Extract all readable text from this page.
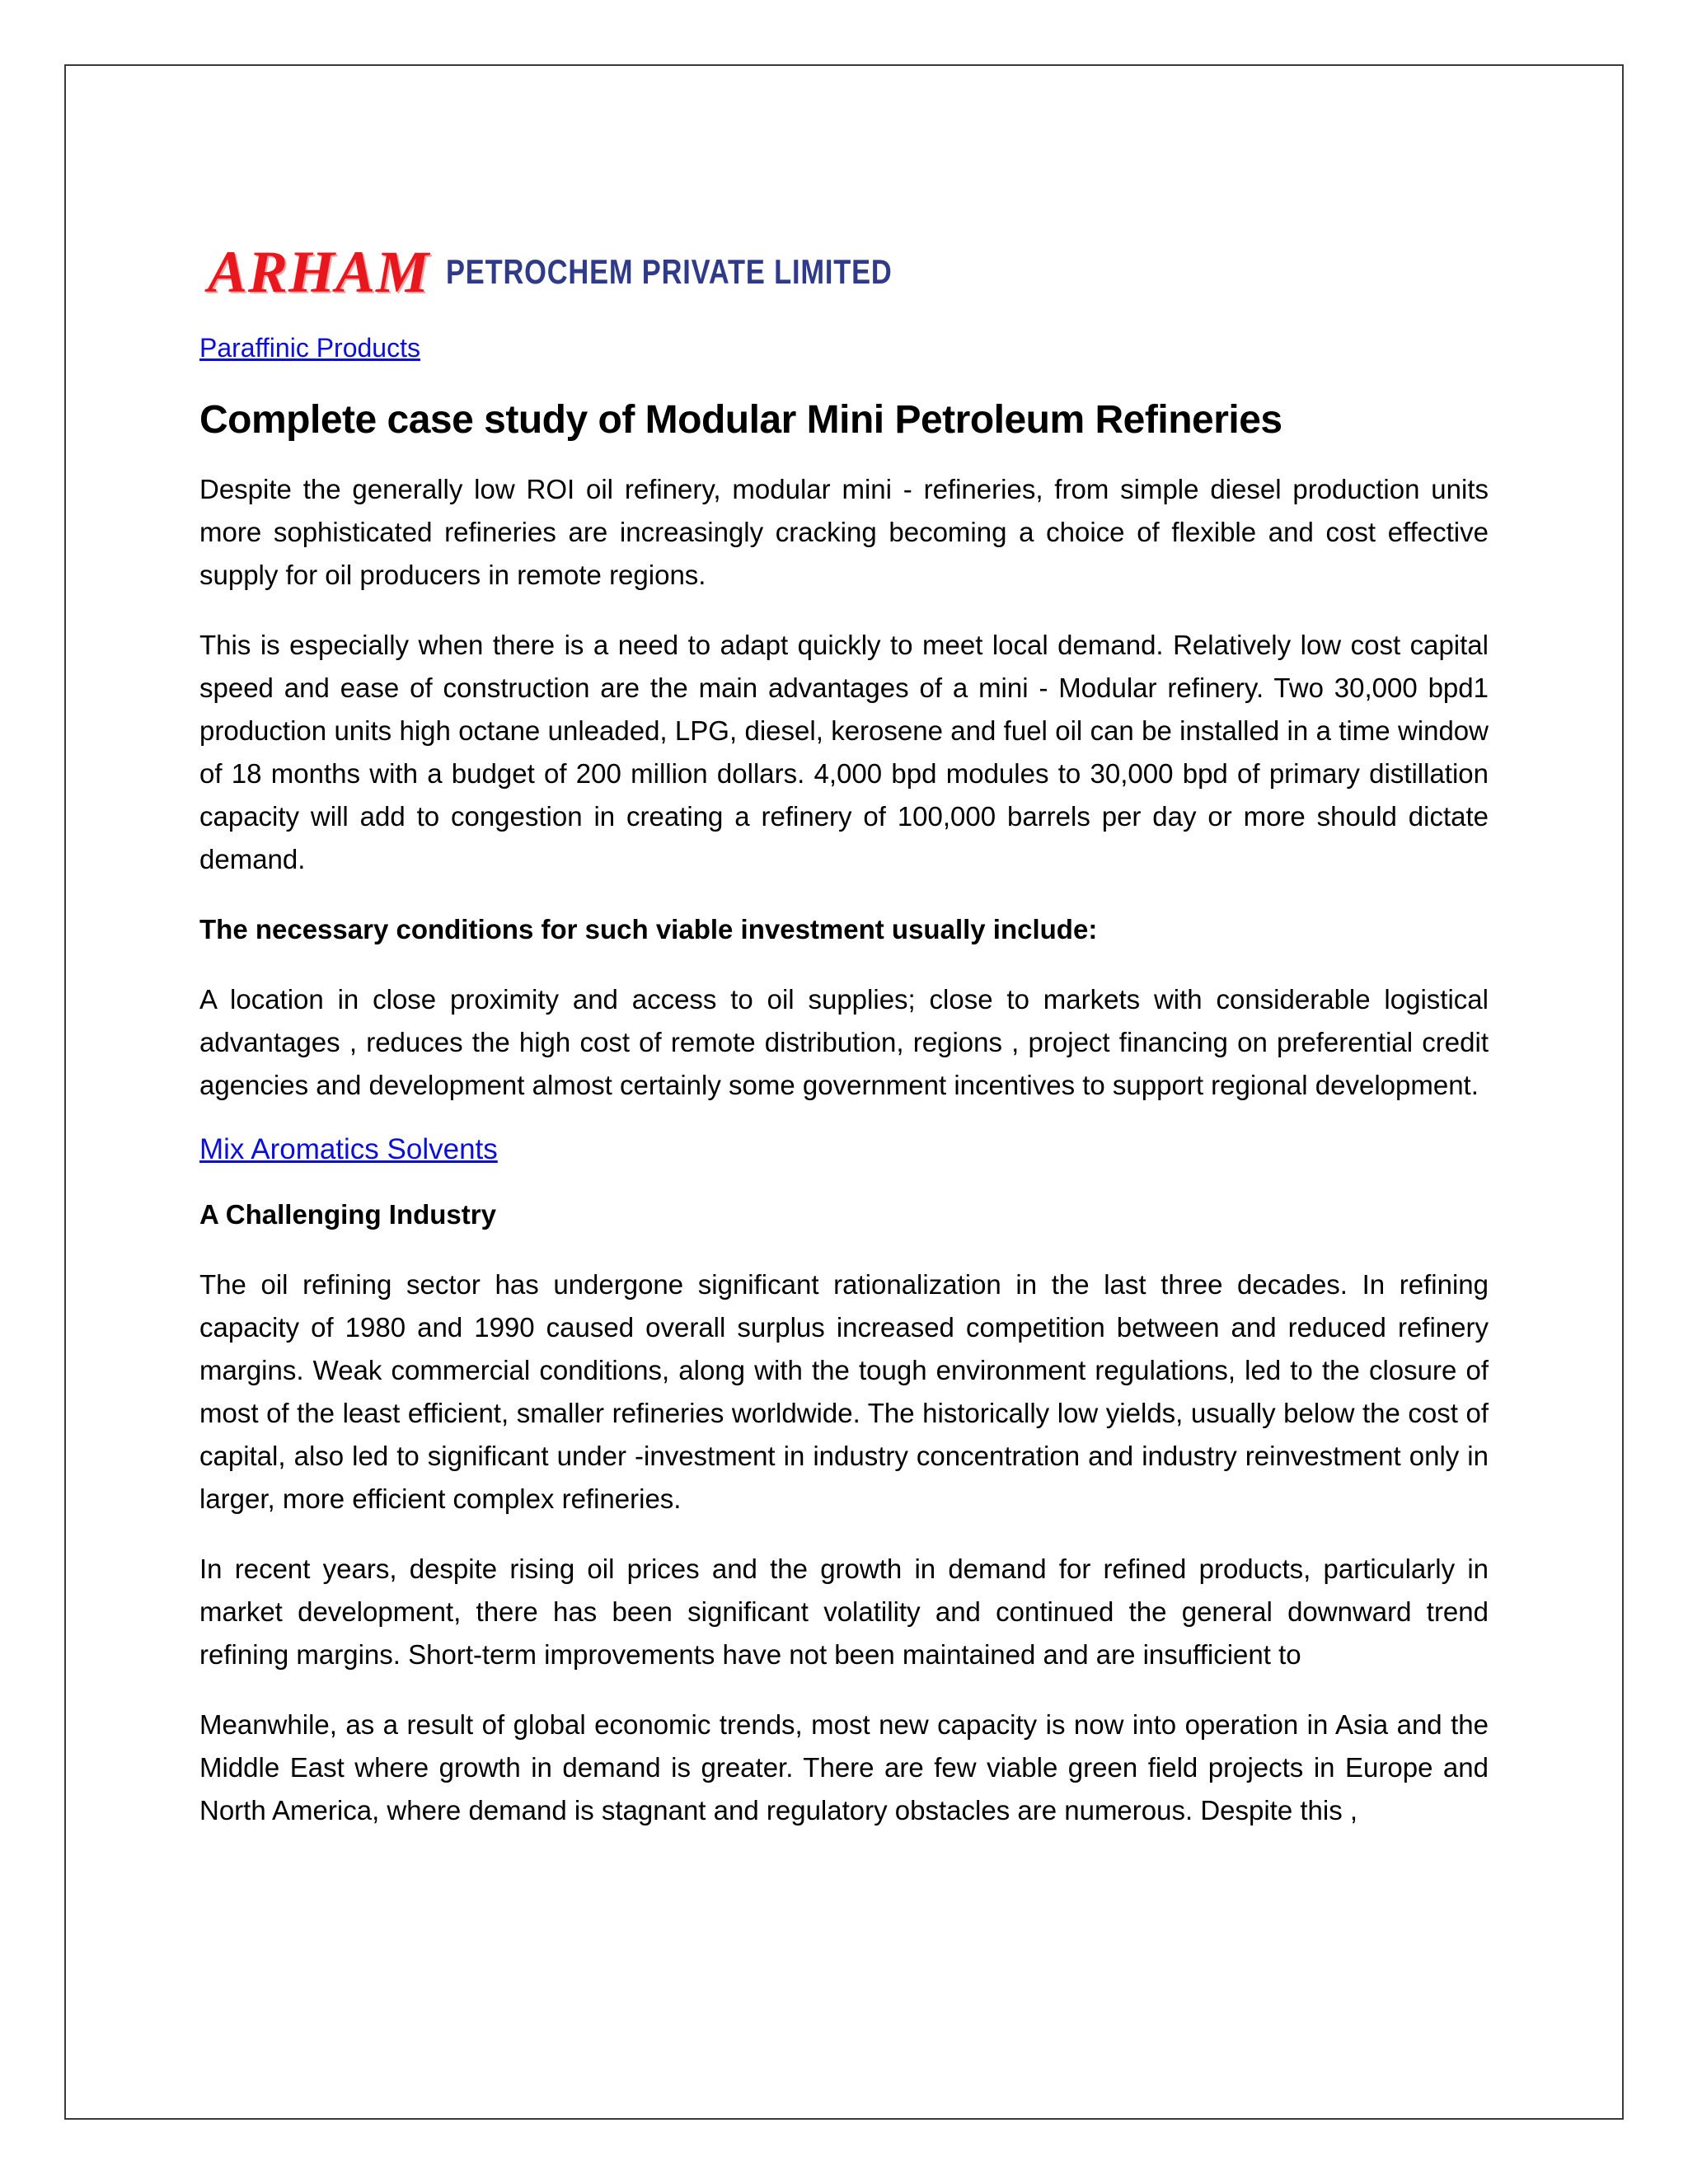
ARHAM PETROCHEM PRIVATE LIMITED
Paraffinic Products
Complete case study of Modular Mini Petroleum Refineries

Despite the generally low ROI oil refinery, modular mini - refineries, from simple diesel production units more sophisticated refineries are increasingly cracking becoming a choice of flexible and cost effective supply for oil producers in remote regions.

This is especially when there is a need to adapt quickly to meet local demand. Relatively low cost capital speed and ease of construction are the main advantages of a mini - Modular refinery. Two 30,000 bpd1 production units high octane unleaded, LPG, diesel, kerosene and fuel oil can be installed in a time window of 18 months with a budget of 200 million dollars. 4,000 bpd modules to 30,000 bpd of primary distillation capacity will add to congestion in creating a refinery of 100,000 barrels per day or more should dictate demand.

The necessary conditions for such viable investment usually include:

A location in close proximity and access to oil supplies; close to markets with considerable logistical advantages , reduces the high cost of remote distribution, regions , project financing on preferential credit agencies and development almost certainly some government incentives to support regional development.

Mix Aromatics Solvents

A Challenging Industry

The oil refining sector has undergone significant rationalization in the last three decades. In refining capacity of 1980 and 1990 caused overall surplus increased competition between and reduced refinery margins. Weak commercial conditions, along with the tough environment regulations, led to the closure of most of the least efficient, smaller refineries worldwide. The historically low yields, usually below the cost of capital, also led to significant under -investment in industry concentration and industry reinvestment only in larger, more efficient complex refineries.

In recent years, despite rising oil prices and the growth in demand for refined products, particularly in market development, there has been significant volatility and continued the general downward trend refining margins. Short-term improvements have not been maintained and are insufficient to

Meanwhile, as a result of global economic trends, most new capacity is now into operation in Asia and the Middle East where growth in demand is greater. There are few viable green field projects in Europe and North America, where demand is stagnant and regulatory obstacles are numerous. Despite this ,
